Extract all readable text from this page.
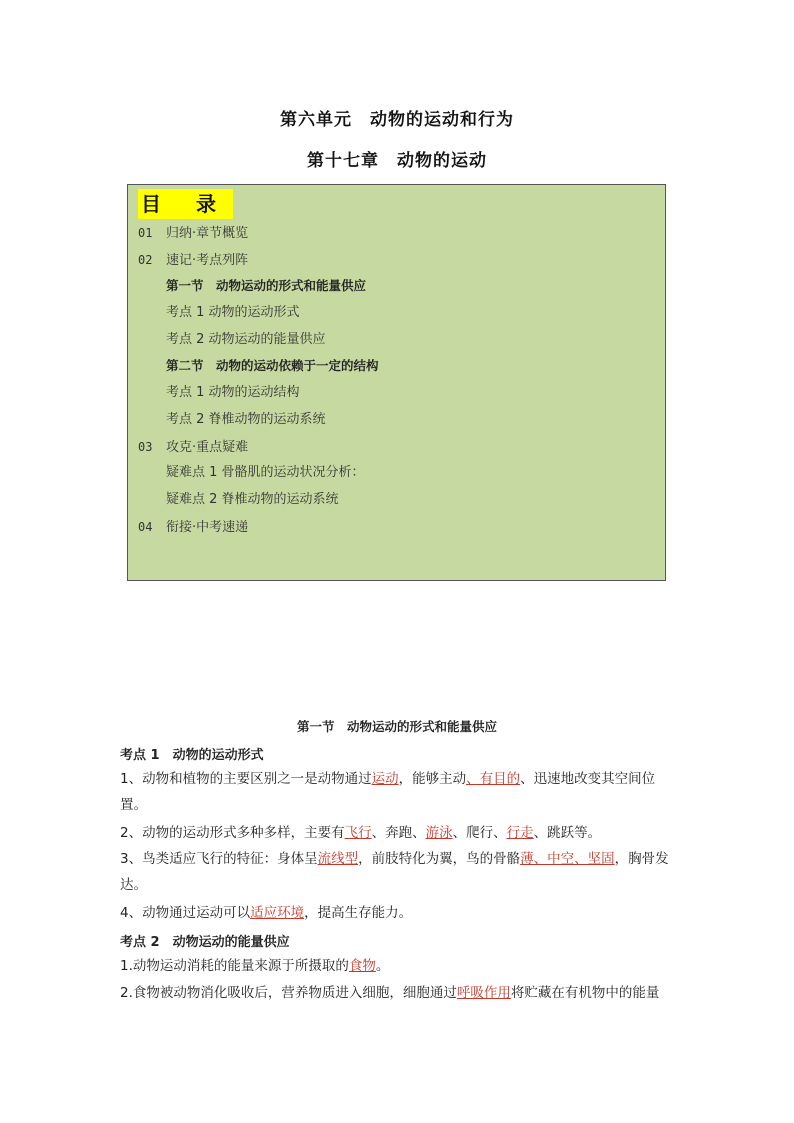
第六单元 动物的运动和行为
第十七章 动物的运动
目 录
01 归纳·章节概览
02 速记·考点列阵
第一节　动物运动的形式和能量供应
考点 1 动物的运动形式
考点 2 动物运动的能量供应
第二节　动物的运动依赖于一定的结构
考点 1 动物的运动结构
考点 2 脊椎动物的运动系统
03 攻克·重点疑难
疑难点 1 骨骼肌的运动状况分析：
疑难点 2 脊椎动物的运动系统
04 衔接·中考速递
第一节　动物运动的形式和能量供应
考点 1　动物的运动形式
1、动物和植物的主要区别之一是动物通过运动，能够主动、有目的、迅速地改变其空间位置。
2、动物的运动形式多种多样，主要有飞行、奔跑、游泳、爬行、行走、跳跃等。
3、鸟类适应飞行的特征：身体呈流线型，前肢特化为翼，鸟的骨骼薄、中空、坚固，胸骨发达。
4、动物通过运动可以适应环境，提高生存能力。
考点 2　动物运动的能量供应
1.动物运动消耗的能量来源于所摄取的食物。
2.食物被动物消化吸收后，营养物质进入细胞，细胞通过呼吸作用将贮藏在有机物中的能量
